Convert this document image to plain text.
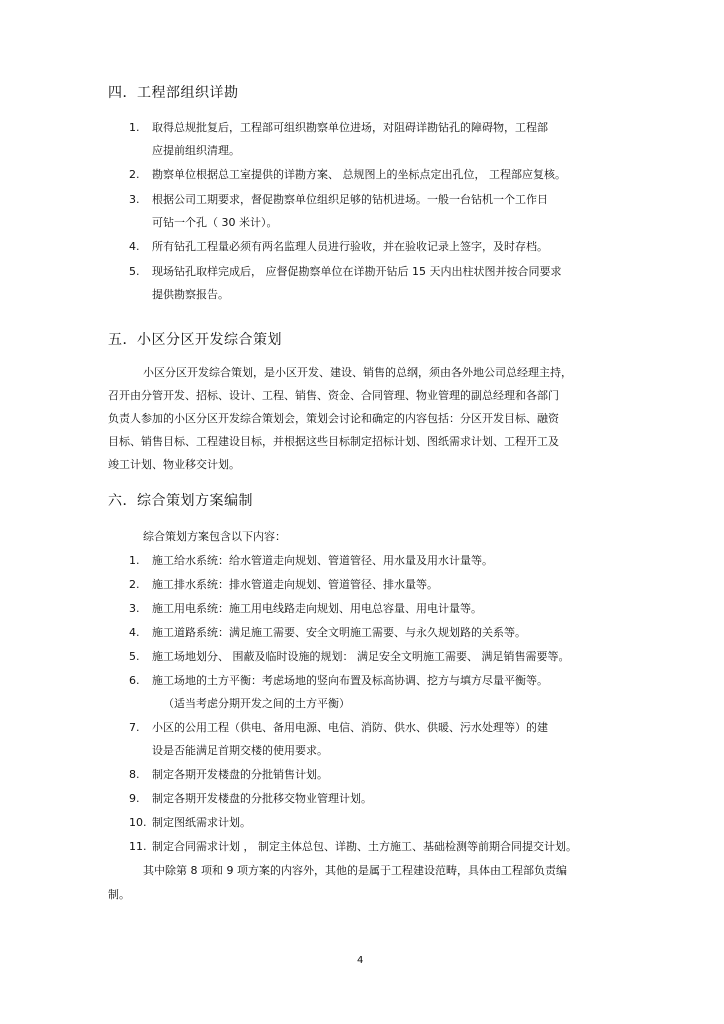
四．工程部组织详勘
1. 取得总规批复后，工程部可组织勘察单位进场，对阻碍详勘钻孔的障碍物，工程部
应提前组织清理。
2. 勘察单位根据总工室提供的详勘方案、 总规图上的坐标点定出孔位， 工程部应复核。
3. 根据公司工期要求，督促勘察单位组织足够的钻机进场。一般一台钻机一个工作日
可钻一个孔（ 30 米计）。
4. 所有钻孔工程量必须有两名监理人员进行验收，并在验收记录上签字，及时存档。
5. 现场钻孔取样完成后， 应督促勘察单位在详勘开钻后 15 天内出柱状图并按合同要求
提供勘察报告。
五．小区分区开发综合策划
小区分区开发综合策划，是小区开发、建设、销售的总纲，须由各外地公司总经理主持，
召开由分管开发、招标、设计、工程、销售、资金、合同管理、物业管理的副总经理和各部门
负责人参加的小区分区开发综合策划会，策划会讨论和确定的内容包括：分区开发目标、融资
目标、销售目标、工程建设目标，并根据这些目标制定招标计划、图纸需求计划、工程开工及
竣工计划、物业移交计划。
六．综合策划方案编制
综合策划方案包含以下内容：
1. 施工给水系统：给水管道走向规划、管道管径、用水量及用水计量等。
2. 施工排水系统：排水管道走向规划、管道管径、排水量等。
3. 施工用电系统：施工用电线路走向规划、用电总容量、用电计量等。
4. 施工道路系统：满足施工需要、安全文明施工需要、与永久规划路的关系等。
5. 施工场地划分、 围蔽及临时设施的规划： 满足安全文明施工需要、 满足销售需要等。
6. 施工场地的土方平衡：考虑场地的竖向布置及标高协调、挖方与填方尽量平衡等。
（适当考虑分期开发之间的土方平衡）
7. 小区的公用工程（供电、备用电源、电信、消防、供水、供暖、污水处理等）的建
设是否能满足首期交楼的使用要求。
8. 制定各期开发楼盘的分批销售计划。
9. 制定各期开发楼盘的分批移交物业管理计划。
10. 制定图纸需求计划。
11. 制定合同需求计划 ， 制定主体总包、详勘、土方施工、基础检测等前期合同提交计划。
其中除第 8 项和 9 项方案的内容外，其他的是属于工程建设范畴，具体由工程部负责编
制。
4
